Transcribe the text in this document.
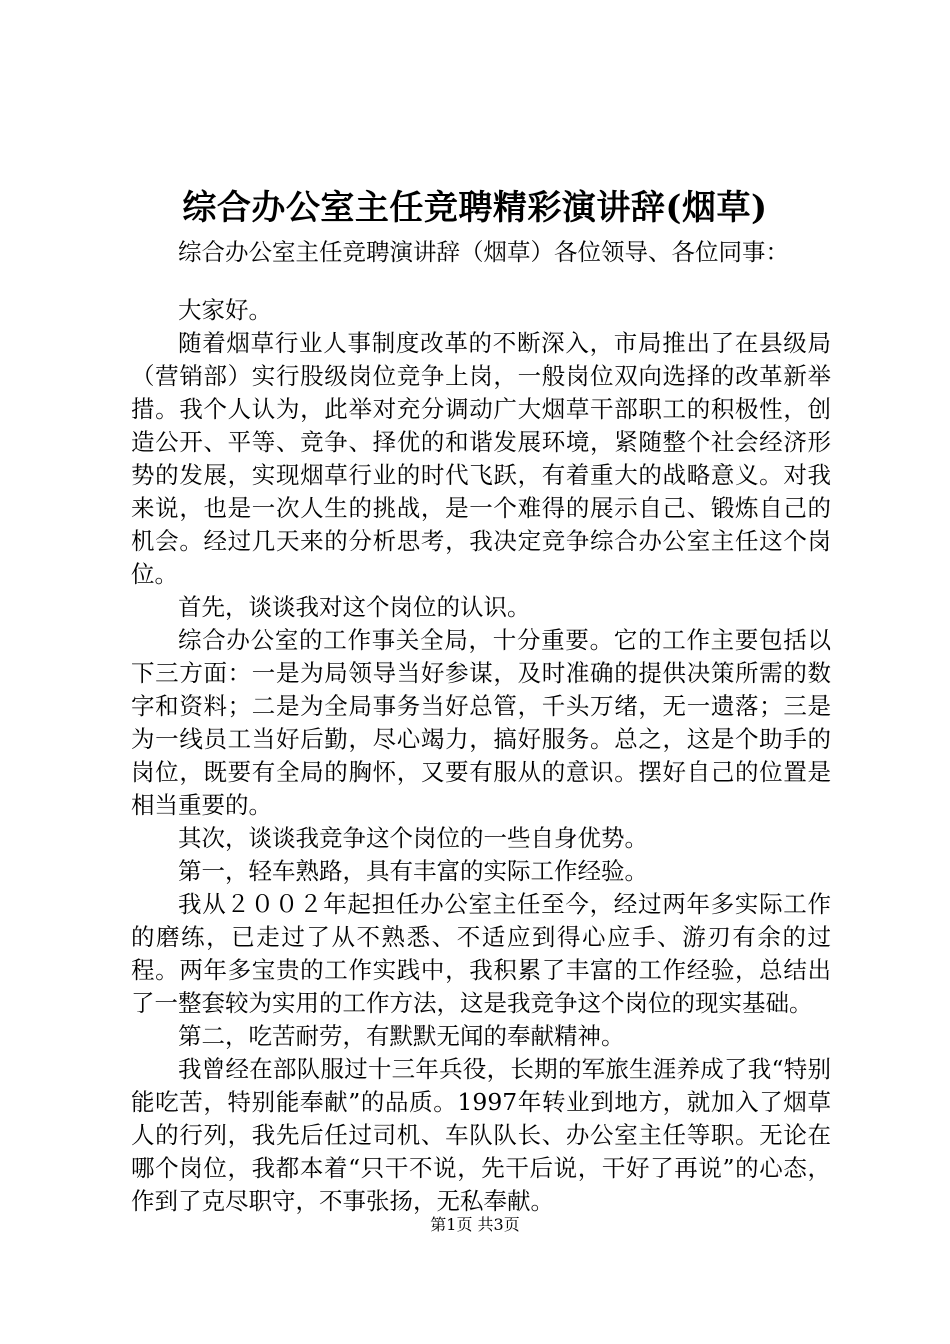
综合办公室主任竞聘精彩演讲辞(烟草)

综合办公室主任竞聘演讲辞（烟草）各位领导、各位同事：

大家好。

随着烟草行业人事制度改革的不断深入，市局推出了在县级局（营销部）实行股级岗位竞争上岗，一般岗位双向选择的改革新举措。我个人认为，此举对充分调动广大烟草干部职工的积极性，创造公开、平等、竞争、择优的和谐发展环境，紧随整个社会经济形势的发展，实现烟草行业的时代飞跃，有着重大的战略意义。对我来说，也是一次人生的挑战，是一个难得的展示自己、锻炼自己的机会。经过几天来的分析思考，我决定竞争综合办公室主任这个岗位。

首先，谈谈我对这个岗位的认识。

综合办公室的工作事关全局，十分重要。它的工作主要包括以下三方面：一是为局领导当好参谋，及时准确的提供决策所需的数字和资料；二是为全局事务当好总管，千头万绪，无一遗落；三是为一线员工当好后勤，尽心竭力，搞好服务。总之，这是个助手的岗位，既要有全局的胸怀，又要有服从的意识。摆好自己的位置是相当重要的。

其次，谈谈我竞争这个岗位的一些自身优势。

第一，轻车熟路，具有丰富的实际工作经验。

我从２００２年起担任办公室主任至今，经过两年多实际工作的磨练，已走过了从不熟悉、不适应到得心应手、游刃有余的过程。两年多宝贵的工作实践中，我积累了丰富的工作经验，总结出了一整套较为实用的工作方法，这是我竞争这个岗位的现实基础。

第二，吃苦耐劳，有默默无闻的奉献精神。

我曾经在部队服过十三年兵役，长期的军旅生涯养成了我“特别能吃苦，特别能奉献”的品质。1997年转业到地方，就加入了烟草人的行列，我先后任过司机、车队队长、办公室主任等职。无论在哪个岗位，我都本着“只干不说，先干后说，干好了再说”的心态，作到了克尽职守，不事张扬，无私奉献。

第1页 共3页
